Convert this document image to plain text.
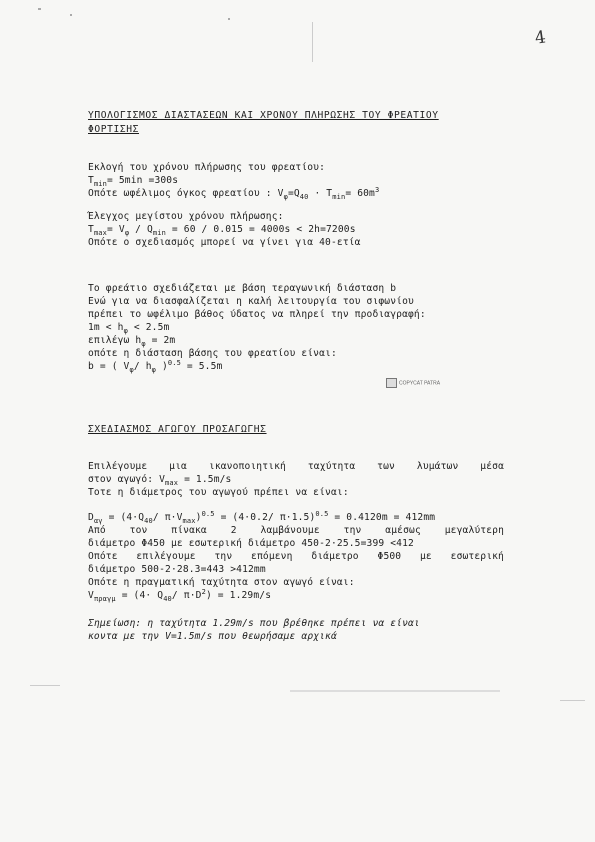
4
ΥΠΟΛΟΓΙΣΜΟΣ ΔΙΑΣΤΑΣΕΩΝ ΚΑΙ ΧΡΟΝΟΥ ΠΛΗΡΩΣΗΣ ΤΟΥ ΦΡΕΑΤΙΟΥ
ΦΟΡΤΙΣΗΣ
Εκλογή του χρόνου πλήρωσης του φρεατίου:
$T_{min}= 5\min =300s$
Οπότε ωφέλιμος όγκος φρεατίου : $V_\varphi=Q_{40} \cdot T_{min}= 60m^3$
Έλεγχος μεγίστου χρόνου πλήρωσης:
$T_{max}= V_\varphi / Q_{min} = 60 / 0.015 = 4000s < 2h=7200s$
Οπότε ο σχεδιασμός μπορεί να γίνει για 40-ετία
Το φρεάτιο σχεδιάζεται με βάση τεραγωνική διάσταση b
Ενώ για να διασφαλίζεται η καλή λειτουργία του σιφωνίου
πρέπει το ωφέλιμο βάθος ύδατος να πληρεί την προδιαγραφή:
$1m < h_\varphi < 2.5m$
επιλέγω $h_\varphi = 2m$
οπότε η διάσταση βάσης του φρεατίου είναι:
b = ( $V_\varphi/$ $h_\varphi$ )$^{0.5}$ = 5.5m
COPYCAT PATRA
ΣΧΕΔΙΑΣΜΟΣ ΑΓΩΓΟΥ ΠΡΟΣΑΓΩΓΗΣ
Επιλέγουμε μια ικανοποιητική ταχύτητα των λυμάτων μέσα
στον αγωγό: $V_{max} = 1.5m/s$
Τοτε η διάμετρος του αγωγού πρέπει να είναι:
$D_{\alpha\gamma} = (4\cdot Q_{40}/$ $\pi\cdot V_{max})^{0.5} = (4\cdot 0.2/$ π·1.5)$^{0.5}$ = 0.4120m = 412mm
Από τον πίνακα 2 λαμβάνουμε την αμέσως μεγαλύτερη
διάμετρο Φ450 με εσωτερική διάμετρο 450-2·25.5=399 <412
Οπότε επιλέγουμε την επόμενη διάμετρο Φ500 με εσωτερική
διάμετρο 500-2·28.3=443 >412mm
Οπότε η πραγματική ταχύτητα στον αγωγό είναι:
$V_{\pi\rho\alpha\gamma\mu} = (4\cdot Q_{40}/$ $\pi\cdot D^2) = 1.29m/s$
Σημείωση: η ταχύτητα 1.29m/s που βρέθηκε πρέπει να είναι
κοντα με την V=1.5m/s που θεωρήσαμε αρχικά
